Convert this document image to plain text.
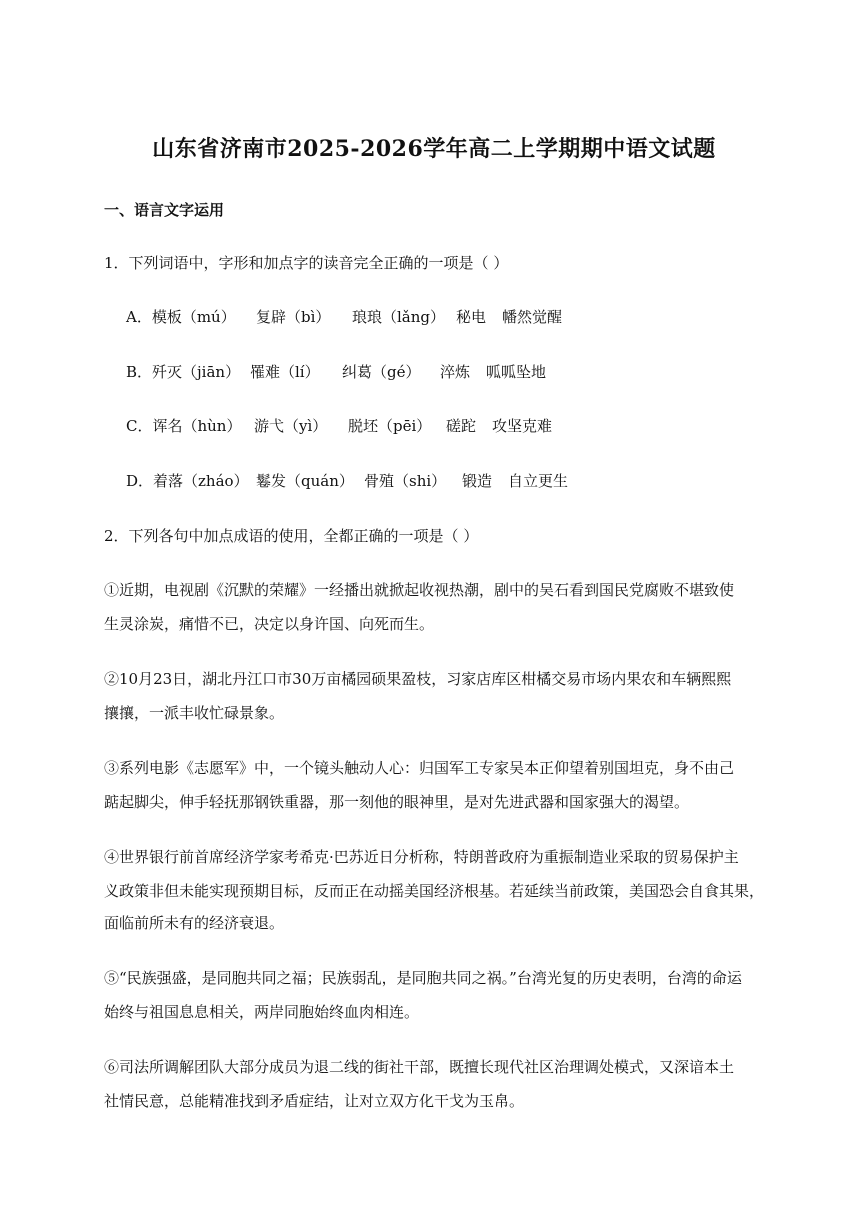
山东省济南市2025-2026学年高二上学期期中语文试题
一、语言文字运用
1．下列词语中，字形和加点字的读音完全正确的一项是（ ）
A．模板（mú） 复辟（bì） 琅琅（lǎng） 秘电 幡然觉醒
B．歼灭（jiān） 罹难（lí） 纠葛（gé） 淬炼 呱呱坠地
C．诨名（hùn） 游弋（yì） 脱坯（pēi） 磋跎 攻坚克难
D．着落（zháo） 鬈发（quán） 骨殖（shi） 锻造 自立更生
2．下列各句中加点成语的使用，全都正确的一项是（ ）
①近期，电视剧《沉默的荣耀》一经播出就掀起收视热潮，剧中的吴石看到国民党腐败不堪致使
生灵涂炭，痛惜不已，决定以身许国、向死而生。
②10月23日，湖北丹江口市30万亩橘园硕果盈枝，习家店库区柑橘交易市场内果农和车辆熙熙
攘攘，一派丰收忙碌景象。
③系列电影《志愿军》中，一个镜头触动人心：归国军工专家吴本正仰望着别国坦克，身不由己
踮起脚尖，伸手轻抚那钢铁重器，那一刻他的眼神里，是对先进武器和国家强大的渴望。
④世界银行前首席经济学家考希克·巴苏近日分析称，特朗普政府为重振制造业采取的贸易保护主
义政策非但未能实现预期目标，反而正在动摇美国经济根基。若延续当前政策，美国恐会自食其果，
面临前所未有的经济衰退。
⑤“民族强盛，是同胞共同之福；民族弱乱，是同胞共同之祸。”台湾光复的历史表明，台湾的命运
始终与祖国息息相关，两岸同胞始终血肉相连。
⑥司法所调解团队大部分成员为退二线的街社干部，既擅长现代社区治理调处模式，又深谙本土
社情民意，总能精准找到矛盾症结，让对立双方化干戈为玉帛。
